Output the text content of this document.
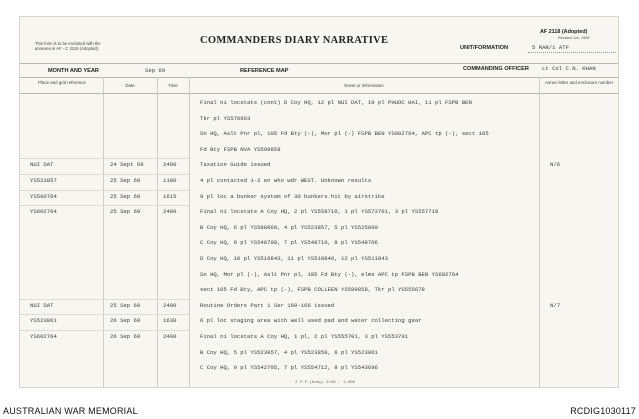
This form is to be enclosed with the
annexes in AF - C 2119 (Adopted).
COMMANDERS DIARY NARRATIVE
AF 2118 (Adopted)
Revised Jun, 1965
UNIT/FORMATION	5 RAR/1 ATF
MONTH AND YEAR	Sep 69	REFERENCE MAP	COMMANDING OFFICER Lt Col C.N. KHAN
Place and grid reference
Date	Time	Event or information
Annex letter and enclosure number
Final ni locstats (cont) D Coy HQ, 12 pl NUI DAT, 10 pl PHUOC HAI, 11 pl FSPB BEN
Tkr pl YS576663
Sn HQ, Aslt Pnr pl, 105 Fd Bty (-), Mor pl (-) FSPB BEN YS602764, APC tp (-), sect 105
Fd Bty FSPB NVA YS599858
NUI DAT	24 Sept 69	2400	Taxation Guide issued	N/6
YS523857	25 Sep 69	1100	4 pl contacted 1-2 en who wdr WEST. Unknown results
YS560764	25 Sep 69	1615	9 pl loc a bunker system of 30 bunkers hit by airstrike
YS602764	25 Sep 69	2400	Final ni locstats A Coy HQ, 2 pl YS558710, 1 pl YS573701, 3 pl YS557718
B Coy HQ, 6 pl YS588860, 4 pl YS523857, 5 pl YS525860
C Coy HQ, 9 pl YS548708, 7 pl YS548710, 8 pl YS548706
D Coy HQ, 10 pl YS516843, 11 pl YS518846, 12 pl YS511843
Sn HQ, Mor pl (-), Aslt Pnr pl, 105 Fd Bty (-), elms APC tp FSPB BEN YS602764
sect 105 Fd Bty, APC tp (-), FSPB COLLEEN YS599858, Tkr pl YS555678
NUI DAT	25 Sep 69	2400	Routine Orders Part 1 Ser 160-166 issued	N/7
YS523861	26 Sep 69	1630	6 pl loc staging area with well used pad and water collecting gear
YS602764	26 Sep 69	2400	Final ni locstats A Coy HQ, 1 pl, 2 pl YS555701, 3 pl YS553701
B Coy HQ, 5 pl YS523857, 4 pl YS523858, 6 pl YS523861
C Coy HQ, 9 pl YS542705, 7 pl YS554712, 8 pl YS543696
2 P.P.(Army) 9/69 - 1,000
AUSTRALIAN WAR MEMORIAL	RCDIG1030117
